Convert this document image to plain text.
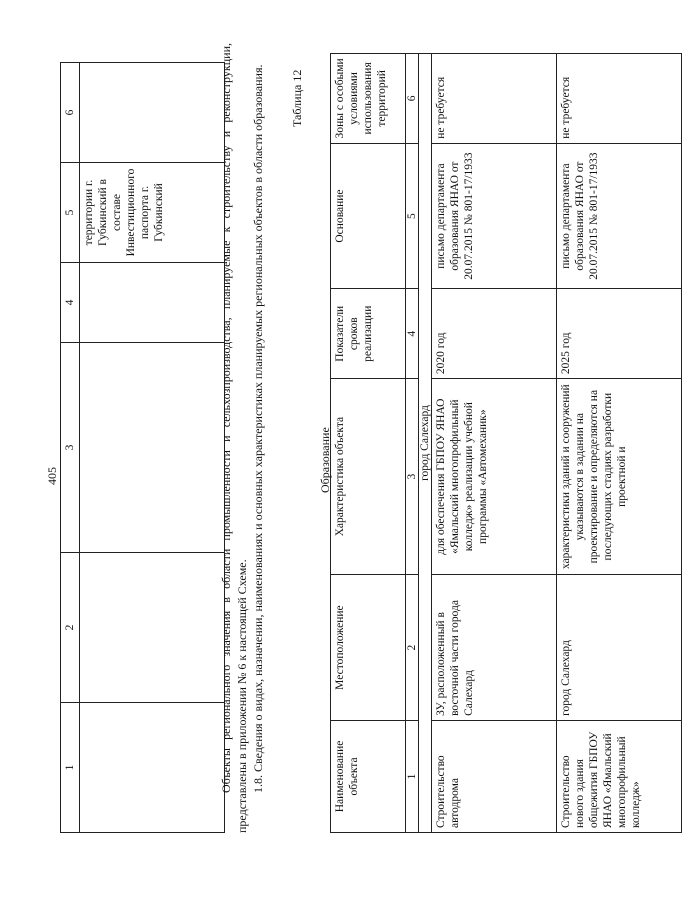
405
1	2	3	4	5	6
				территории г. Губкинский в составе Инвестиционного паспорта г. Губкинский		Объекты регионального значения в области промышленности и сельхозпроизводства, планируемые к строительству и реконструкции, представлены в приложении № 6 к настоящей Схеме. 1.8. Сведения о видах, назначении, наименованиях и основных характеристиках планируемых региональных объектов в области образования. Таблица 12
Образование
Наименование объекта	Местоположение	Характеристика объекта	Показатели сроков реализации	Основание	Зоны с особыми условиями использования территорий
1	2	3	4	5	6
город Салехард					
Строительство автодрома	ЗУ, расположенный в восточной части города Салехард	для обеспечения ГБПОУ ЯНАО «Ямальский многопрофильный колледж» реализации учебной программы «Автомеханик»	2020 год	письмо департамента образования ЯНАО от 20.07.2015 № 801-17/1933	не требуется
Строительство нового здания общежития ГБПОУ ЯНАО «Ямальский многопрофильный колледж»	город Салехард	характеристики зданий и сооружений указываются в задании на проектирование и определяются на последующих стадиях разработки проектной и	2025 год	письмо департамента образования ЯНАО от 20.07.2015 № 801-17/1933	не требуется
